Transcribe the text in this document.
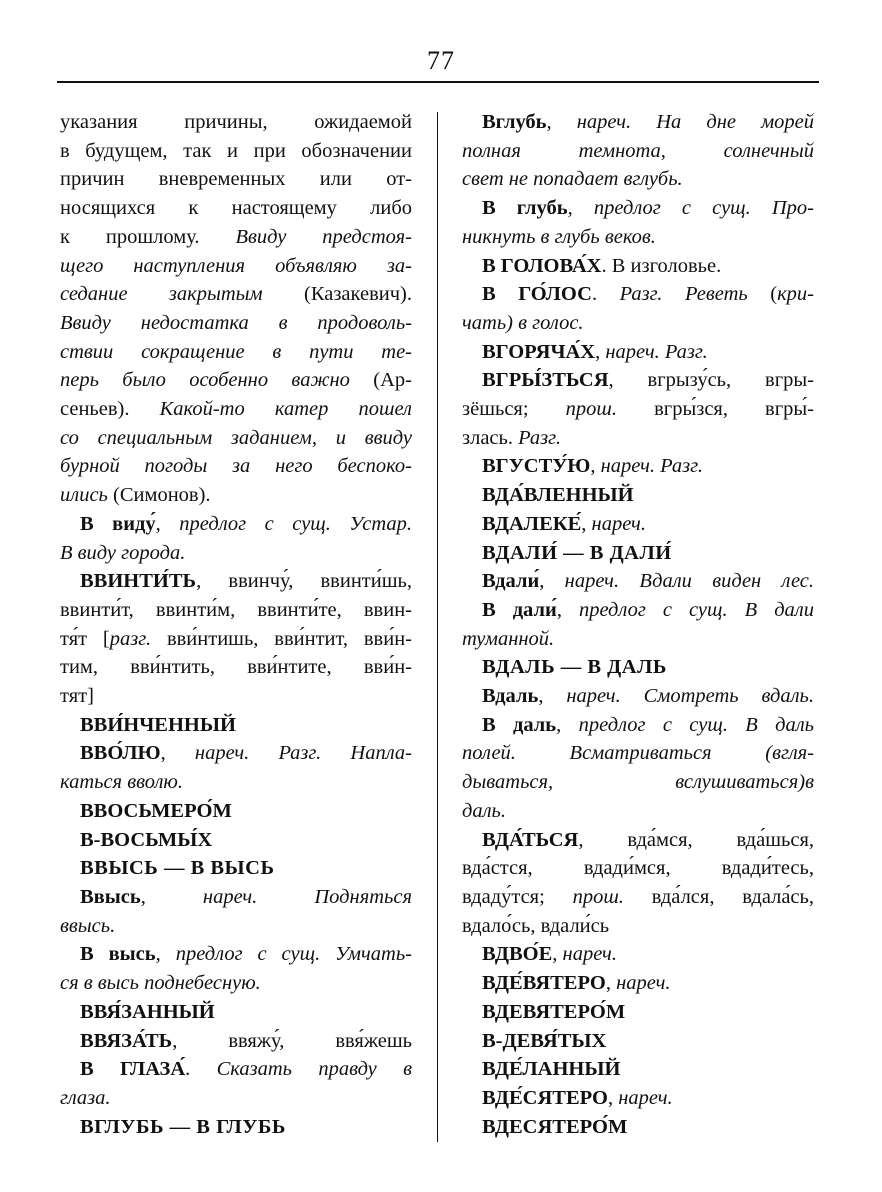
77
указания причины, ожидаемой
в будущем, так и при обозначении
причин вневременных или от-
носящихся к настоящему либо
к прошлому. Ввиду предстоя-
щего наступления объявляю за-
седание закрытым (Казакевич).
Ввиду недостатка в продоволь-
ствии сокращение в пути те-
перь было особенно важно (Ар-
сеньев). Какой-то катер пошел
со специальным заданием, и ввиду
бурной погоды за него беспоко-
ились (Симонов).
В виду́, предлог с сущ. Устар.
В виду города.
ВВИНТИ́ТЬ, ввинчу́, ввинти́шь,
ввинти́т, ввинти́м, ввинти́те, ввин-
тя́т [разг. вви́нтишь, вви́нтит, вви́н-
тим, вви́нтить, вви́нтите, вви́н-
тят]
ВВИ́НЧЕННЫЙ
ВВО́ЛЮ, нареч. Разг. Напла-
каться вволю.
ВВОСЬМЕРО́М
В-ВОСЬМЫ́Х
ВВЫСЬ — В ВЫСЬ
Ввысь, нареч. Подняться
ввысь.
В высь, предлог с сущ. Умчать-
ся в высь поднебесную.
ВВЯ́ЗАННЫЙ
ВВЯЗА́ТЬ, ввяжу́, ввя́жешь
В ГЛАЗА́. Сказать правду в
глаза.
ВГЛУБЬ — В ГЛУБЬ
Вглубь, нареч. На дне морей
полная темнота, солнечный
свет не попадает вглубь.
В глубь, предлог с сущ. Про-
никнуть в глубь веков.
В ГОЛОВА́Х. В изголовье.
В ГО́ЛОС. Разг. Реветь (кри-
чать) в голос.
ВГОРЯЧА́Х, нареч. Разг.
ВГРЫ́ЗТЬСЯ, вгрызу́сь, вгры-
зёшься; прош. вгры́зся, вгры́-
злась. Разг.
ВГУСТУ́Ю, нареч. Разг.
ВДА́ВЛЕННЫЙ
ВДАЛЕКЕ́, нареч.
ВДАЛИ́ — В ДАЛИ́
Вдали́, нареч. Вдали виден лес.
В дали́, предлог с сущ. В дали
туманной.
ВДАЛЬ — В ДАЛЬ
Вдаль, нареч. Смотреть вдаль.
В даль, предлог с сущ. В даль
полей. Всматриваться (вгля-
дываться, вслушиваться)в
даль.
ВДА́ТЬСЯ, вда́мся, вда́шься,
вда́стся, вдади́мся, вдади́тесь,
вдаду́тся; прош. вда́лся, вдала́сь,
вдало́сь, вдали́сь
ВДВО́Е, нареч.
ВДЕ́ВЯТЕРО, нареч.
ВДЕВЯТЕРО́М
В-ДЕВЯ́ТЫХ
ВДЕ́ЛАННЫЙ
ВДЕ́СЯТЕРО, нареч.
ВДЕСЯТЕРО́М
